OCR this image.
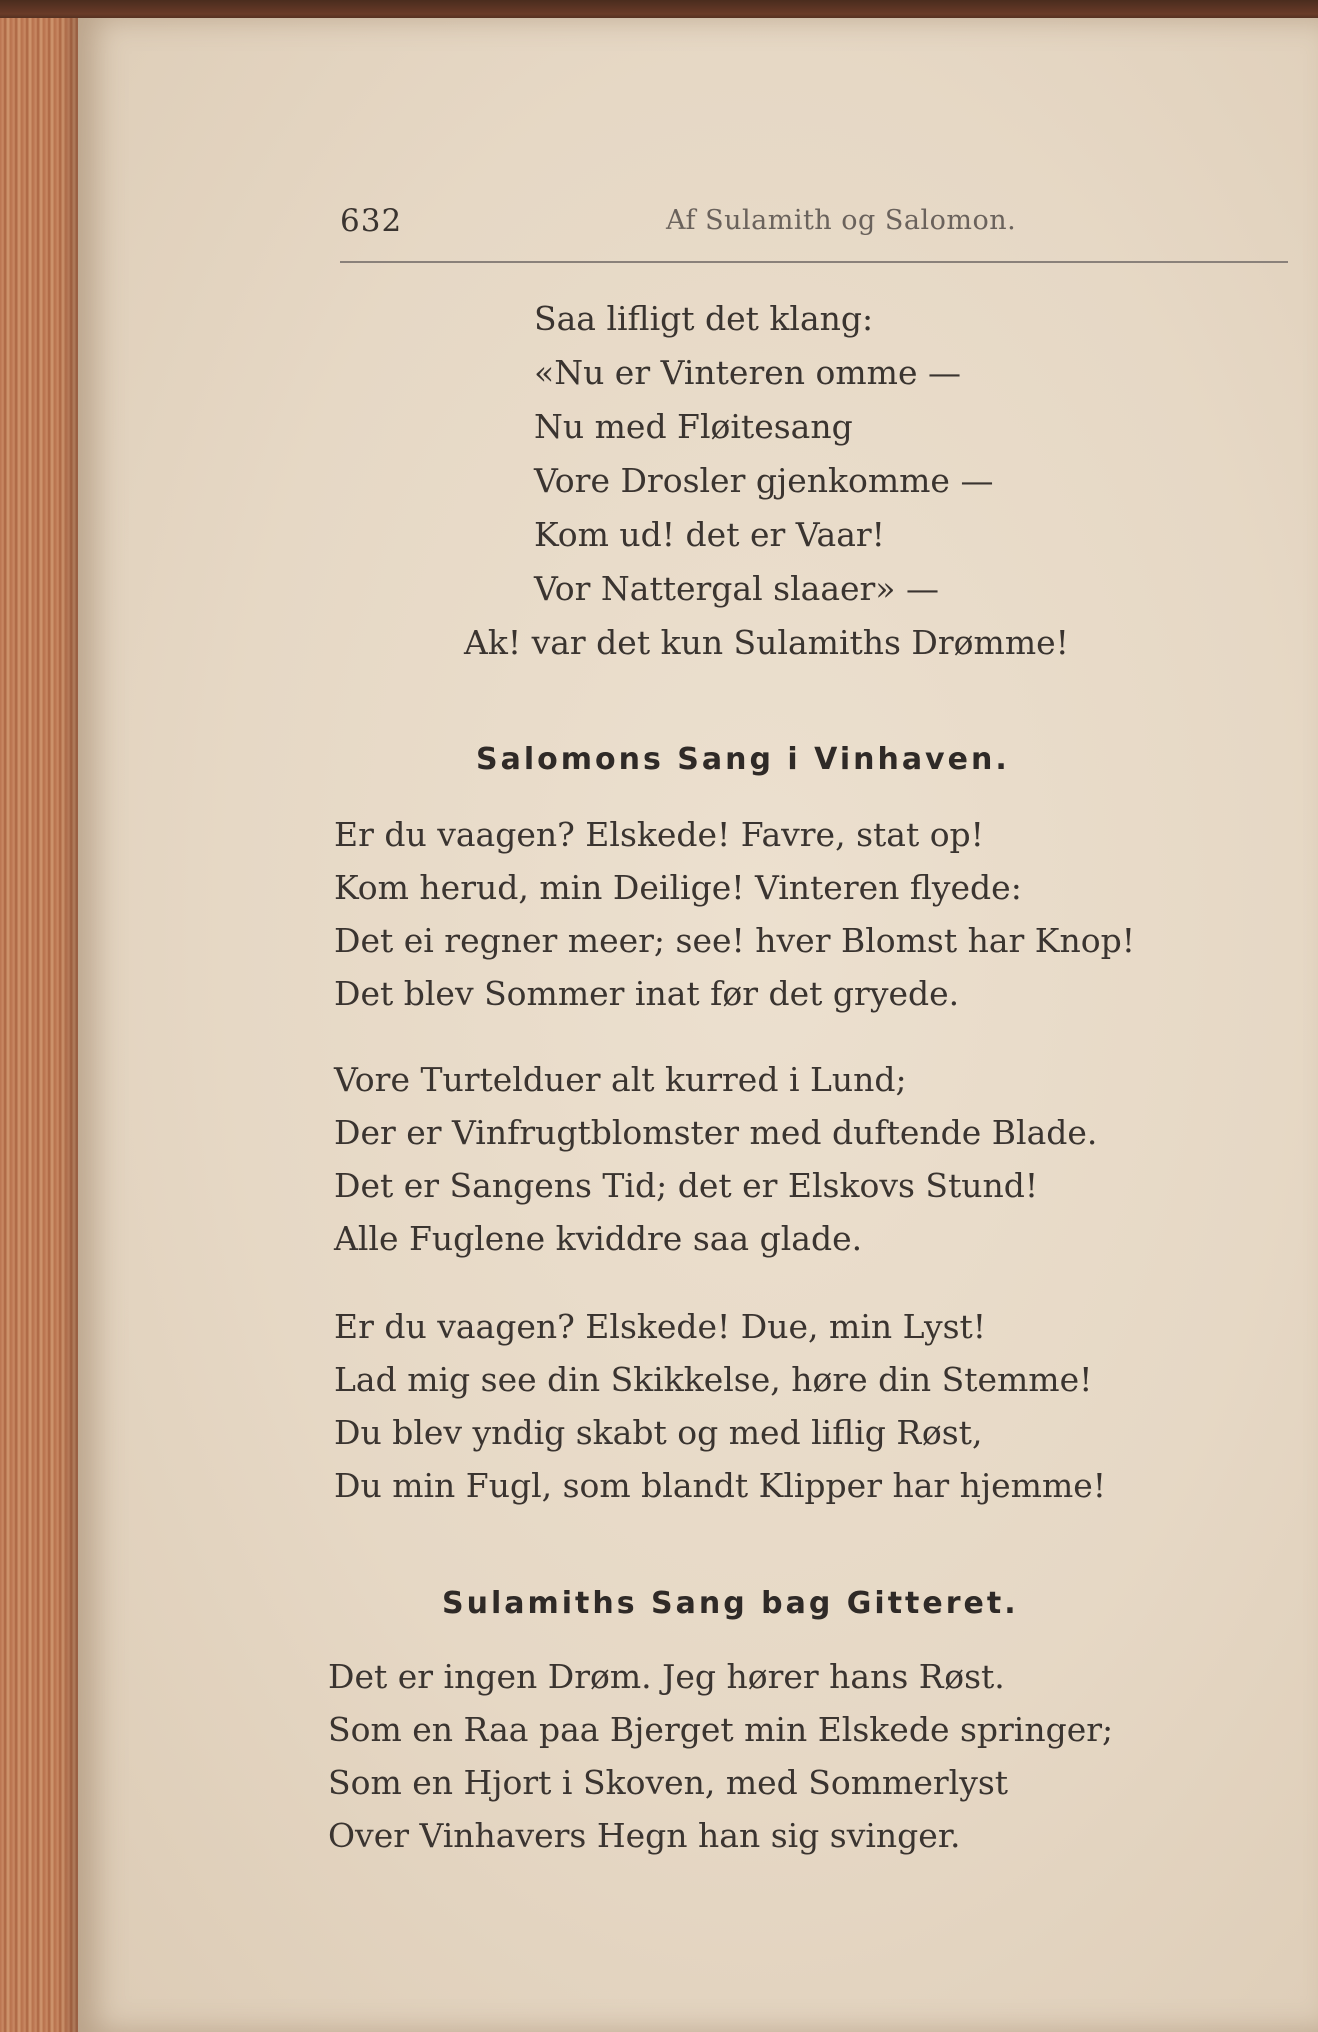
632	Af Sulamith og Salomon.
Saa lifligt det klang:
«Nu er Vinteren omme —
Nu med Fløitesang
Vore Drosler gjenkomme —
Kom ud! det er Vaar!
Vor Nattergal slaaer» —
Ak! var det kun Sulamiths Drømme!
Salomons Sang i Vinhaven.
Er du vaagen? Elskede! Favre, stat op!
Kom herud, min Deilige! Vinteren flyede:
Det ei regner meer; see! hver Blomst har Knop!
Det blev Sommer inat før det gryede.
Vore Turtelduer alt kurred i Lund;
Der er Vinfrugtblomster med duftende Blade.
Det er Sangens Tid; det er Elskovs Stund!
Alle Fuglene kviddre saa glade.
Er du vaagen? Elskede! Due, min Lyst!
Lad mig see din Skikkelse, høre din Stemme!
Du blev yndig skabt og med liflig Røst,
Du min Fugl, som blandt Klipper har hjemme!
Sulamiths Sang bag Gitteret.
Det er ingen Drøm. Jeg hører hans Røst.
Som en Raa paa Bjerget min Elskede springer;
Som en Hjort i Skoven, med Sommerlyst
Over Vinhavers Hegn han sig svinger.
